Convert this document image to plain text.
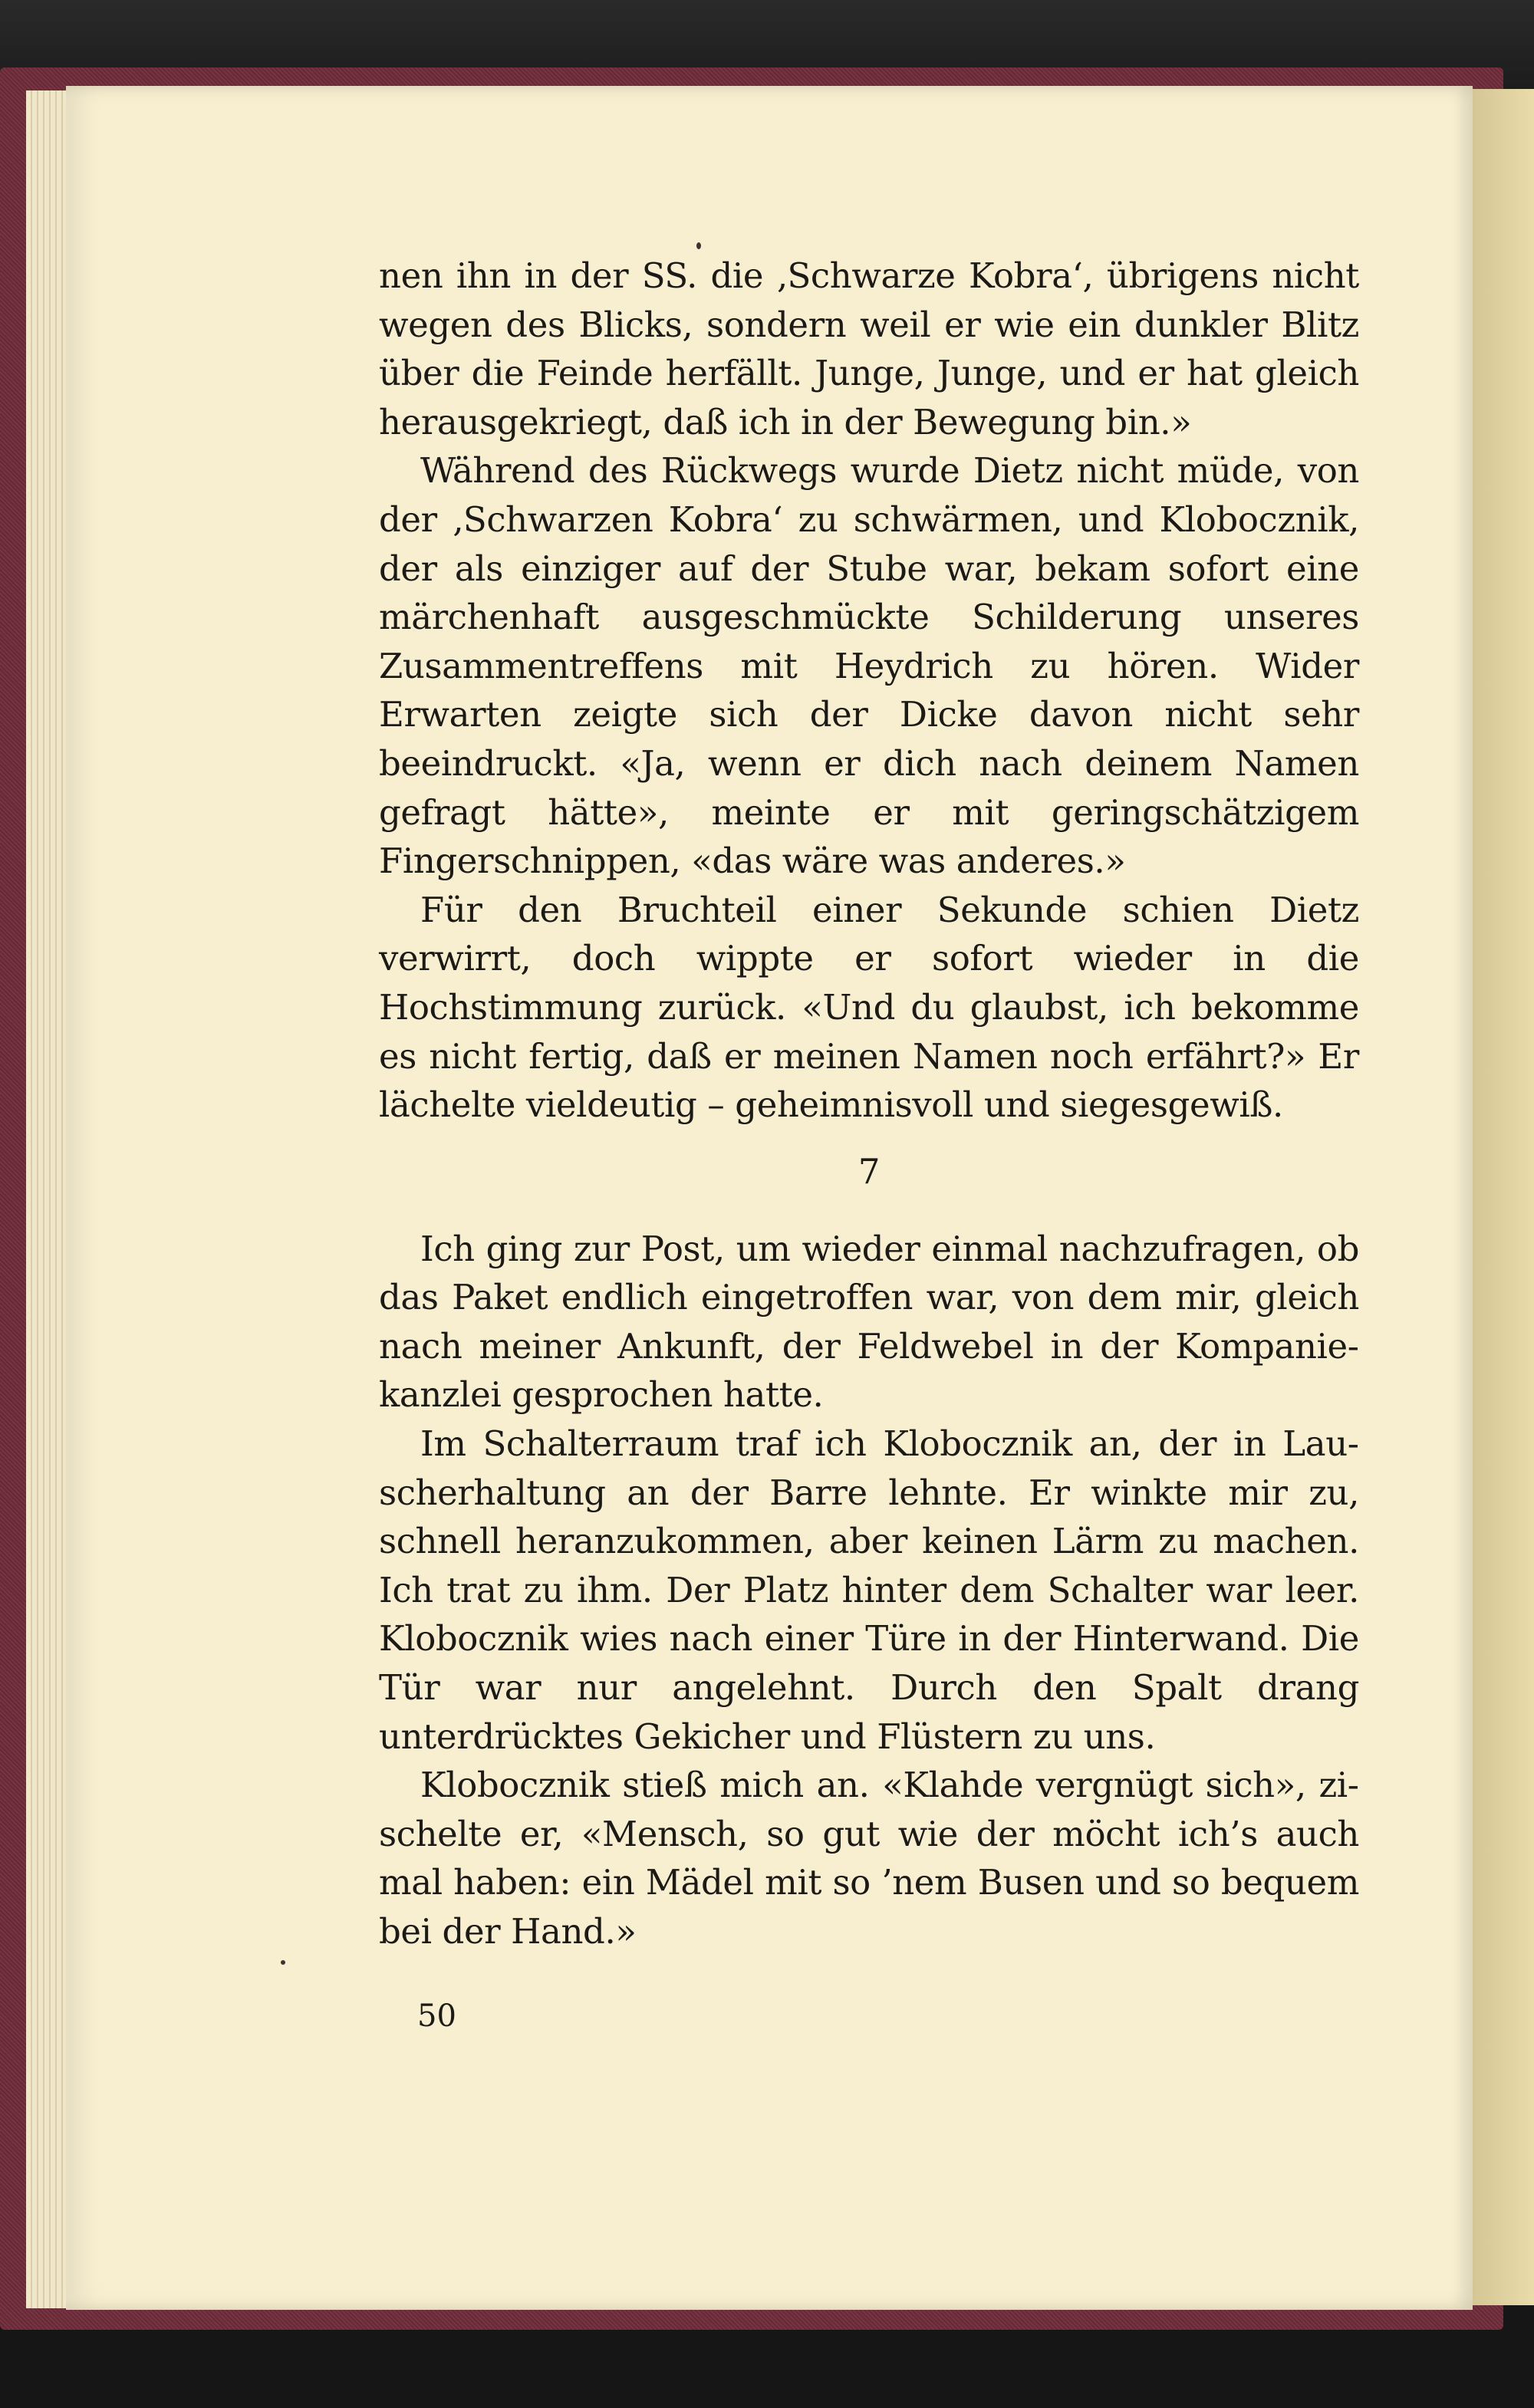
nen ihn in der SS. die ‚Schwarze Kobra‘, übrigens nicht wegen des Blicks, sondern weil er wie ein dunkler Blitz über die Feinde herfällt. Junge, Junge, und er hat gleich herausgekriegt, daß ich in der Bewegung bin.»

Während des Rückwegs wurde Dietz nicht müde, von der ‚Schwarzen Kobra‘ zu schwärmen, und Klobocznik, der als einziger auf der Stube war, bekam sofort eine märchenhaft ausgeschmückte Schilderung unseres Zusammentreffens mit Heydrich zu hören. Wider Erwarten zeigte sich der Dicke davon nicht sehr beeindruckt. «Ja, wenn er dich nach deinem Namen gefragt hätte», meinte er mit geringschätzigem Fingerschnippen, «das wäre was anderes.»

Für den Bruchteil einer Sekunde schien Dietz verwirrt, doch wippte er sofort wieder in die Hochstimmung zurück. «Und du glaubst, ich bekomme es nicht fertig, daß er meinen Namen noch erfährt?» Er lächelte vieldeutig – geheimnisvoll und siegesgewiß.

7

Ich ging zur Post, um wieder einmal nachzufragen, ob das Paket endlich eingetroffen war, von dem mir, gleich nach meiner Ankunft, der Feldwebel in der Kompaniekanzlei gesprochen hatte.

Im Schalterraum traf ich Klobocznik an, der in Lauscherhaltung an der Barre lehnte. Er winkte mir zu, schnell heranzukommen, aber keinen Lärm zu machen. Ich trat zu ihm. Der Platz hinter dem Schalter war leer. Klobocznik wies nach einer Türe in der Hinterwand. Die Tür war nur angelehnt. Durch den Spalt drang unterdrücktes Gekicher und Flüstern zu uns.

Klobocznik stieß mich an. «Klahde vergnügt sich», zischelte er, «Mensch, so gut wie der möcht ich’s auch mal haben: ein Mädel mit so ’nem Busen und so bequem bei der Hand.»

50
